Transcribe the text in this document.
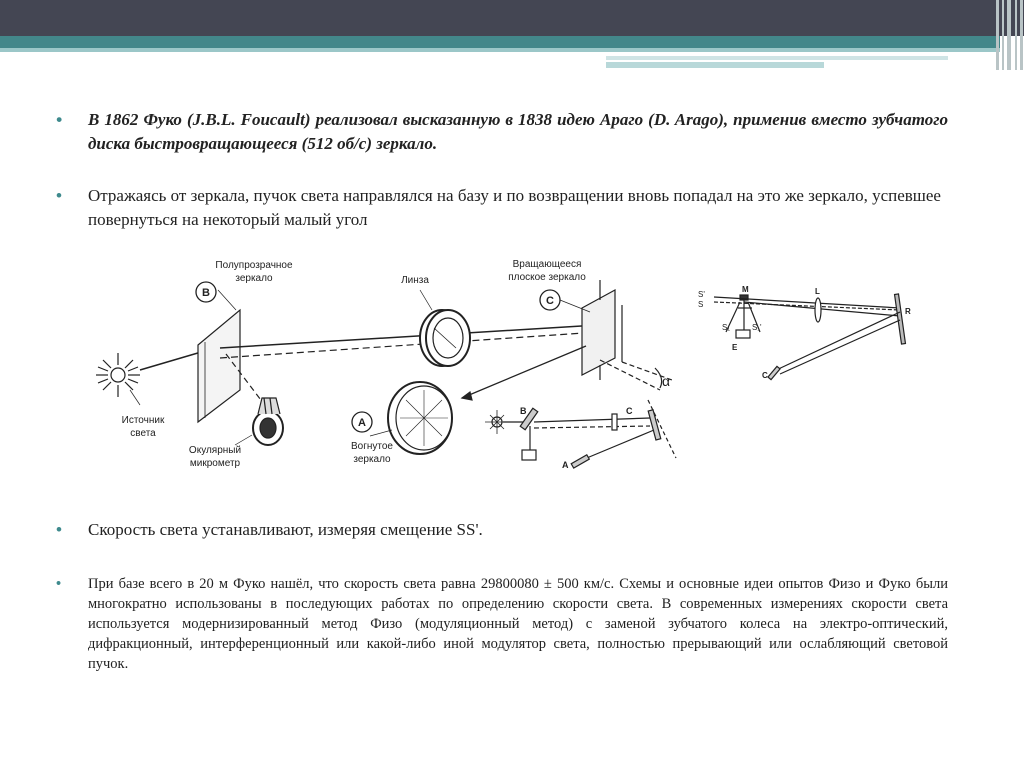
• В 1862 Фуко (J.B.L. Foucault) реализовал высказанную в 1838 идею Араго (D. Arago), применив вместо зубчатого диска быстровращающееся (512 об/с) зеркало.
• Отражаясь от зеркала, пучок света направлялся на базу и по возвращении вновь попадал на это же зеркало, успевшее повернуться на некоторый малый угол
B
Полупрозрачное
зеркало	Линза
C
Вращающееся
плоское зеркало
Источник
света
Окулярный
микрометр
A
Вогнутое
зеркало
α
B	C
A
S'
S
M	L
R
S₁	S₁'
E
C
• Скорость света устанавливают, измеряя смещение SS'.
• При базе всего в 20 м Фуко нашёл, что скорость света равна 29800080 ± 500 км/с. Схемы и основные идеи опытов Физо и Фуко были многократно использованы в последующих работах по определению скорости света. В современных измерениях скорости света используется модернизированный метод Физо (модуляционный метод) с заменой зубчатого колеса на электро-оптический, дифракционный, интерференционный или какой-либо иной модулятор света, полностью прерывающий или ослабляющий световой пучок.
